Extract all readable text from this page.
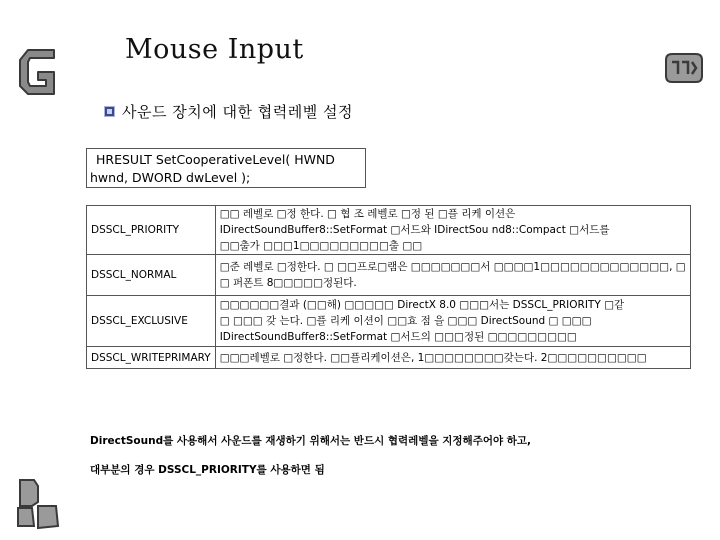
Mouse Input
사운드 장치에 대한 협력레벨 설정
HRESULT SetCooperativeLevel( HWND
hwnd, DWORD dwLevel );
DSSCL_PRIORITY	□□ 레벨로 □정 한다. □ 협 조 레벨로 □정 된 □플 리케 이션은
IDirectSoundBuffer8::SetFormat □서드와 IDirectSou nd8::Compact □서드를
□□출가 □□□1□□□□□□□□□출 □□

DSSCL_NORMAL	□준 레벨로 □정한다. □ □□프로□램은 □□□□□□□서 □□□□1□□□□□□□□□□□□□, □
□ 퍼폰트 8□□□□□정된다.

DSSCL_EXCLUSIVE	□□□□□□결과 (□□해) □□□□□ DirectX 8.0 □□□서는 DSSCL_PRIORITY □같
□ □□□ 갖 는다. □플 리케 이션이 □□효 점 을 □□□ DirectSound □ □□□
IDirectSoundBuffer8::SetFormat □서드의 □□□정된 □□□□□□□□□

DSSCL_WRITEPRIMARY	□□□레벨로 □정한다. □□플리케이션은, 1□□□□□□□□갖는다. 2□□□□□□□□□□
DirectSound를 사용해서 사운드를 재생하기 위해서는 반드시 협력레벨을 지정해주어야 하고,
대부분의 경우 DSSCL_PRIORITY를 사용하면 됨
